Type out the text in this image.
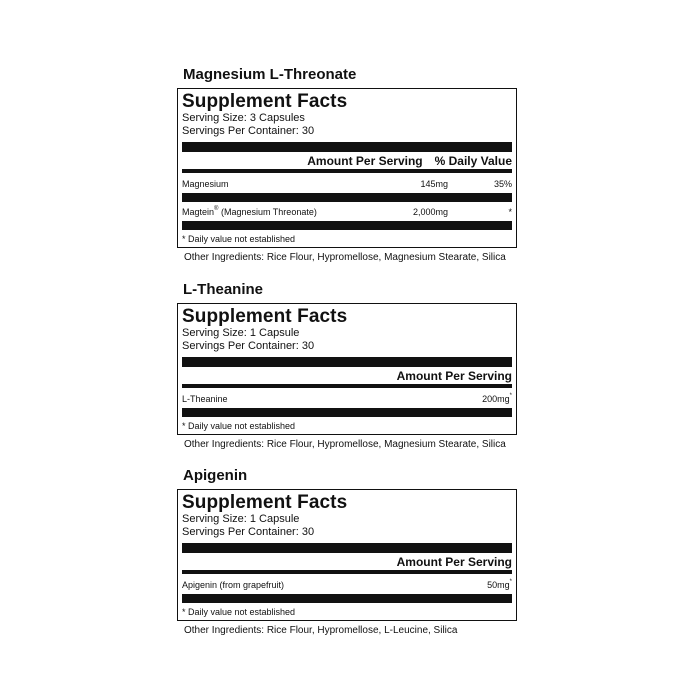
Magnesium L-Threonate
Supplement Facts
Serving Size: 3 Capsules
Servings Per Container: 30
Amount Per Serving % Daily Value
Magnesium	145mg	35%
Magtein® (Magnesium Threonate)	2,000mg	*
* Daily value not established
Other Ingredients: Rice Flour, Hypromellose, Magnesium Stearate, Silica
L-Theanine
Supplement Facts
Serving Size: 1 Capsule
Servings Per Container: 30
Amount Per Serving
L-Theanine	200mg*
* Daily value not established
Other Ingredients: Rice Flour, Hypromellose, Magnesium Stearate, Silica
Apigenin
Supplement Facts
Serving Size: 1 Capsule
Servings Per Container: 30
Amount Per Serving
Apigenin (from grapefruit)	50mg*
* Daily value not established
Other Ingredients: Rice Flour, Hypromellose, L-Leucine, Silica
